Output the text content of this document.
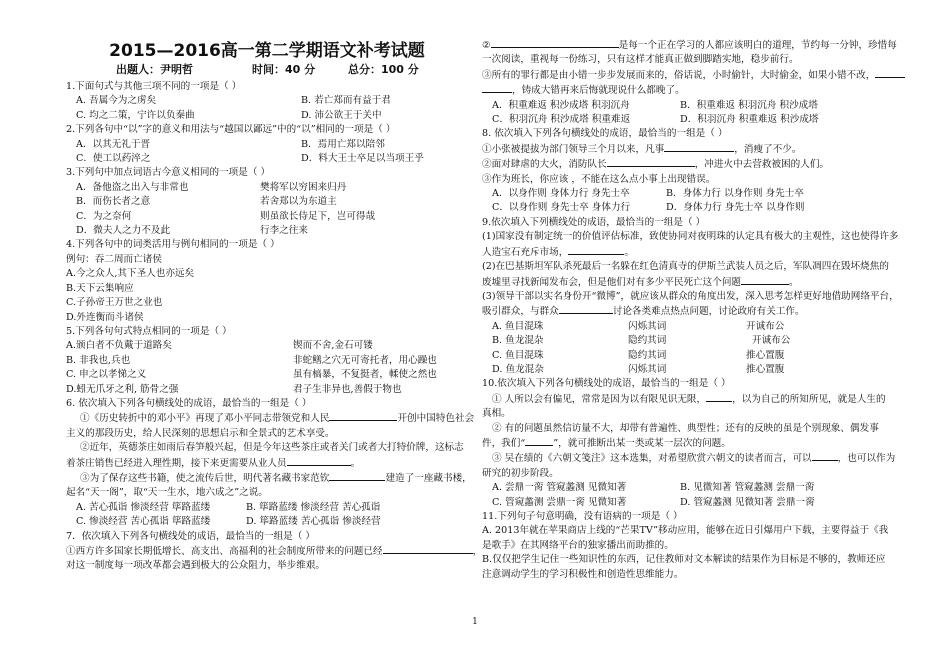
2015—2016高一第二学期语文补考试题
出题人：尹明哲	时间：40 分	总分：100 分
1.下面句式与其他三项不同的一项是（ ）
A. 吾属今为之虏矣	B. 若亡郑而有益于君
C. 均之二策，宁许以负秦曲	D. 沛公欲王于关中
2.下列各句中“以”字的意义和用法与“越国以鄙远”中的“以”相同的一项是（ ）
A．以其无礼于晋	B．焉用亡郑以陪邻
C．使工以药淬之	D．料大王士卒足以当项王乎
3.下列句中加点词语古今意义相同的一项是（ ）
A．备他盗之出入与非常也	樊将军以穷困来归丹
B．而伤长者之意	若舍郑以为东道主
C．为之奈何	则虽欲长侍足下，岂可得哉
D．微夫人之力不及此	行李之往来
4.下列各句中的词类活用与例句相同的一项是（ ）
例句：吞二周而亡诸侯
A.今之众人,其下圣人也亦远矣
B.天下云集响应
C.子孙帝王万世之业也
D.外连衡而斗诸侯
5.下列各句句式特点相同的一项是（ ）
A.颁白者不负戴于道路矣	锲而不舍,金石可镂
B. 非我也,兵也	非蛇鳝之穴无可寄托者，用心躁也
C. 申之以孝悌之义	虽有槁暴，不复挺者，輮使之然也
D.蚓无爪牙之利, 筋骨之强	君子生非异也,善假于物也
6. 依次填入下列各句横线处的成语，最恰当的一组是（ ）
①《历史转折中的邓小平》再现了邓小平同志带领党和人民	开创中国特色社会
主义的那段历史，给人民深刻的思想启示和全景式的艺术享受。
②近年，英德茶庄如雨后春笋般兴起，但是今年这些茶庄或者关门或者大打特价牌，这标志
着茶庄销售已经进入理性期，接下来更需要从业人员	。
③为了保存这些书籍，使之流传后世，明代著名藏书家范钦	建造了一座藏书楼，
起名“天一阁”，取“天一生水，地六成之”之说。
A. 苦心孤诣 惨淡经营 筚路蓝缕	B. 筚路蓝缕 惨淡经营 苦心孤诣
C. 惨淡经营 苦心孤诣 筚路蓝缕	D. 筚路蓝缕 苦心孤诣 惨淡经营
7．依次填入下列各句横线处的成语，最恰当的一组是（ ）
①西方许多国家长期低增长、高支出、高福利的社会制度所带来的问题已经	，
对这一制度每一项改革都会遇到极大的公众阻力，举步维艰。
②	是每一个正在学习的人都应该明白的道理，节约每一分钟，珍惜每
一次阅读，重视每一份练习，只有这样才能真正做到脚踏实地，稳步前行。
③所有的罪行都是由小错一步步发展而来的，俗话说，小时偷针，大时偷金，如果小错不改，
，铸成大错再来后悔就现说什么都晚了。
A．积重难返 积沙成塔 积羽沉舟	B．积重难返 积羽沉舟 积沙成塔
C．积羽沉舟 积沙成塔 积重难返	D．积羽沉舟 积重难返 积沙成塔
8. 依次填入下列各句横线处的成语，最恰当的一组是（ ）
①小张被提拔为部门领导三个月以来，凡事	，消瘦了不少。
②面对肆虐的大火，消防队长	，冲进火中去营救被困的人们。
③作为班长，你应该 ，不能在这么点小事上出现错误。
A．以身作则 身体力行 身先士卒	B．身体力行 以身作则 身先士卒
C．以身作则 身先士卒 身体力行	D．身体力行 身先士卒 以身作则
9.依次填入下列横线处的成语，最恰当的一组是（ ）
(1)国家没有制定统一的价值评估标准，致使协同对夜明珠的认定具有极大的主观性，这也使得许多
人造宝石充斥市场，	。
(2)在巴基斯坦军队杀死最后一名躲在红色清真寺的伊斯兰武装人员之后，军队凋四在毁坏烧焦的
废墟里寻找新闻发布会，但是他们对有多少平民死亡这个问题	。
(3)领导干部以实名身份开“微博”，就应该从群众的角度出发，深入思考怎样更好地借助网络平台，
吸引群众，与群众	讨论各类难点热点问题，讨论政府有关工作。
A. 鱼目混珠	闪烁其词	开诚布公
B. 鱼龙混杂	隐约其词	开诚布公
C. 鱼目混珠	隐约其词	推心置腹
D. 鱼龙混杂	闪烁其词	推心置腹
10.依次填入下列各句横线处的成语，最恰当的一组是（ ）
① 人所以会有偏见，常常是因为以有限见识无限，	，以为自己的所知所见，就是人生的
真相。
② 有的问题虽然信访量不大，却带有普遍性、典型性；还有的反映的虽是个别现象、偶发事
件，我们“	”，就可推断出某一类或某一层次的问题。
③ 吴在绩的《六朝文笺注》这本选集，对希望欣赏六朝文的读者而言，可以	，也可以作为
研究的初步阶段。
A. 尝鼎一脔 管窥蠡测 见微知著	B. 见微知著 管窥蠡测 尝鼎一脔
C. 管窥蠡测 尝鼎一脔 见微知著	D. 管窥蠡测 见微知著 尝鼎一脔
11.下列句子句意明确，没有语病的一项是（ ）
A. 2013年就在苹果商店上线的“芒果TV”移动应用，能够在近日引爆用户下载，主要得益于《我
是歌手》在其网络平台的独家播出而助推的。
B.仅仅把学生记住一些知识性的东西，记住教师对文本解读的结果作为目标是不够的，教师还应
注意调动学生的学习积极性和创造性思维能力。
1
